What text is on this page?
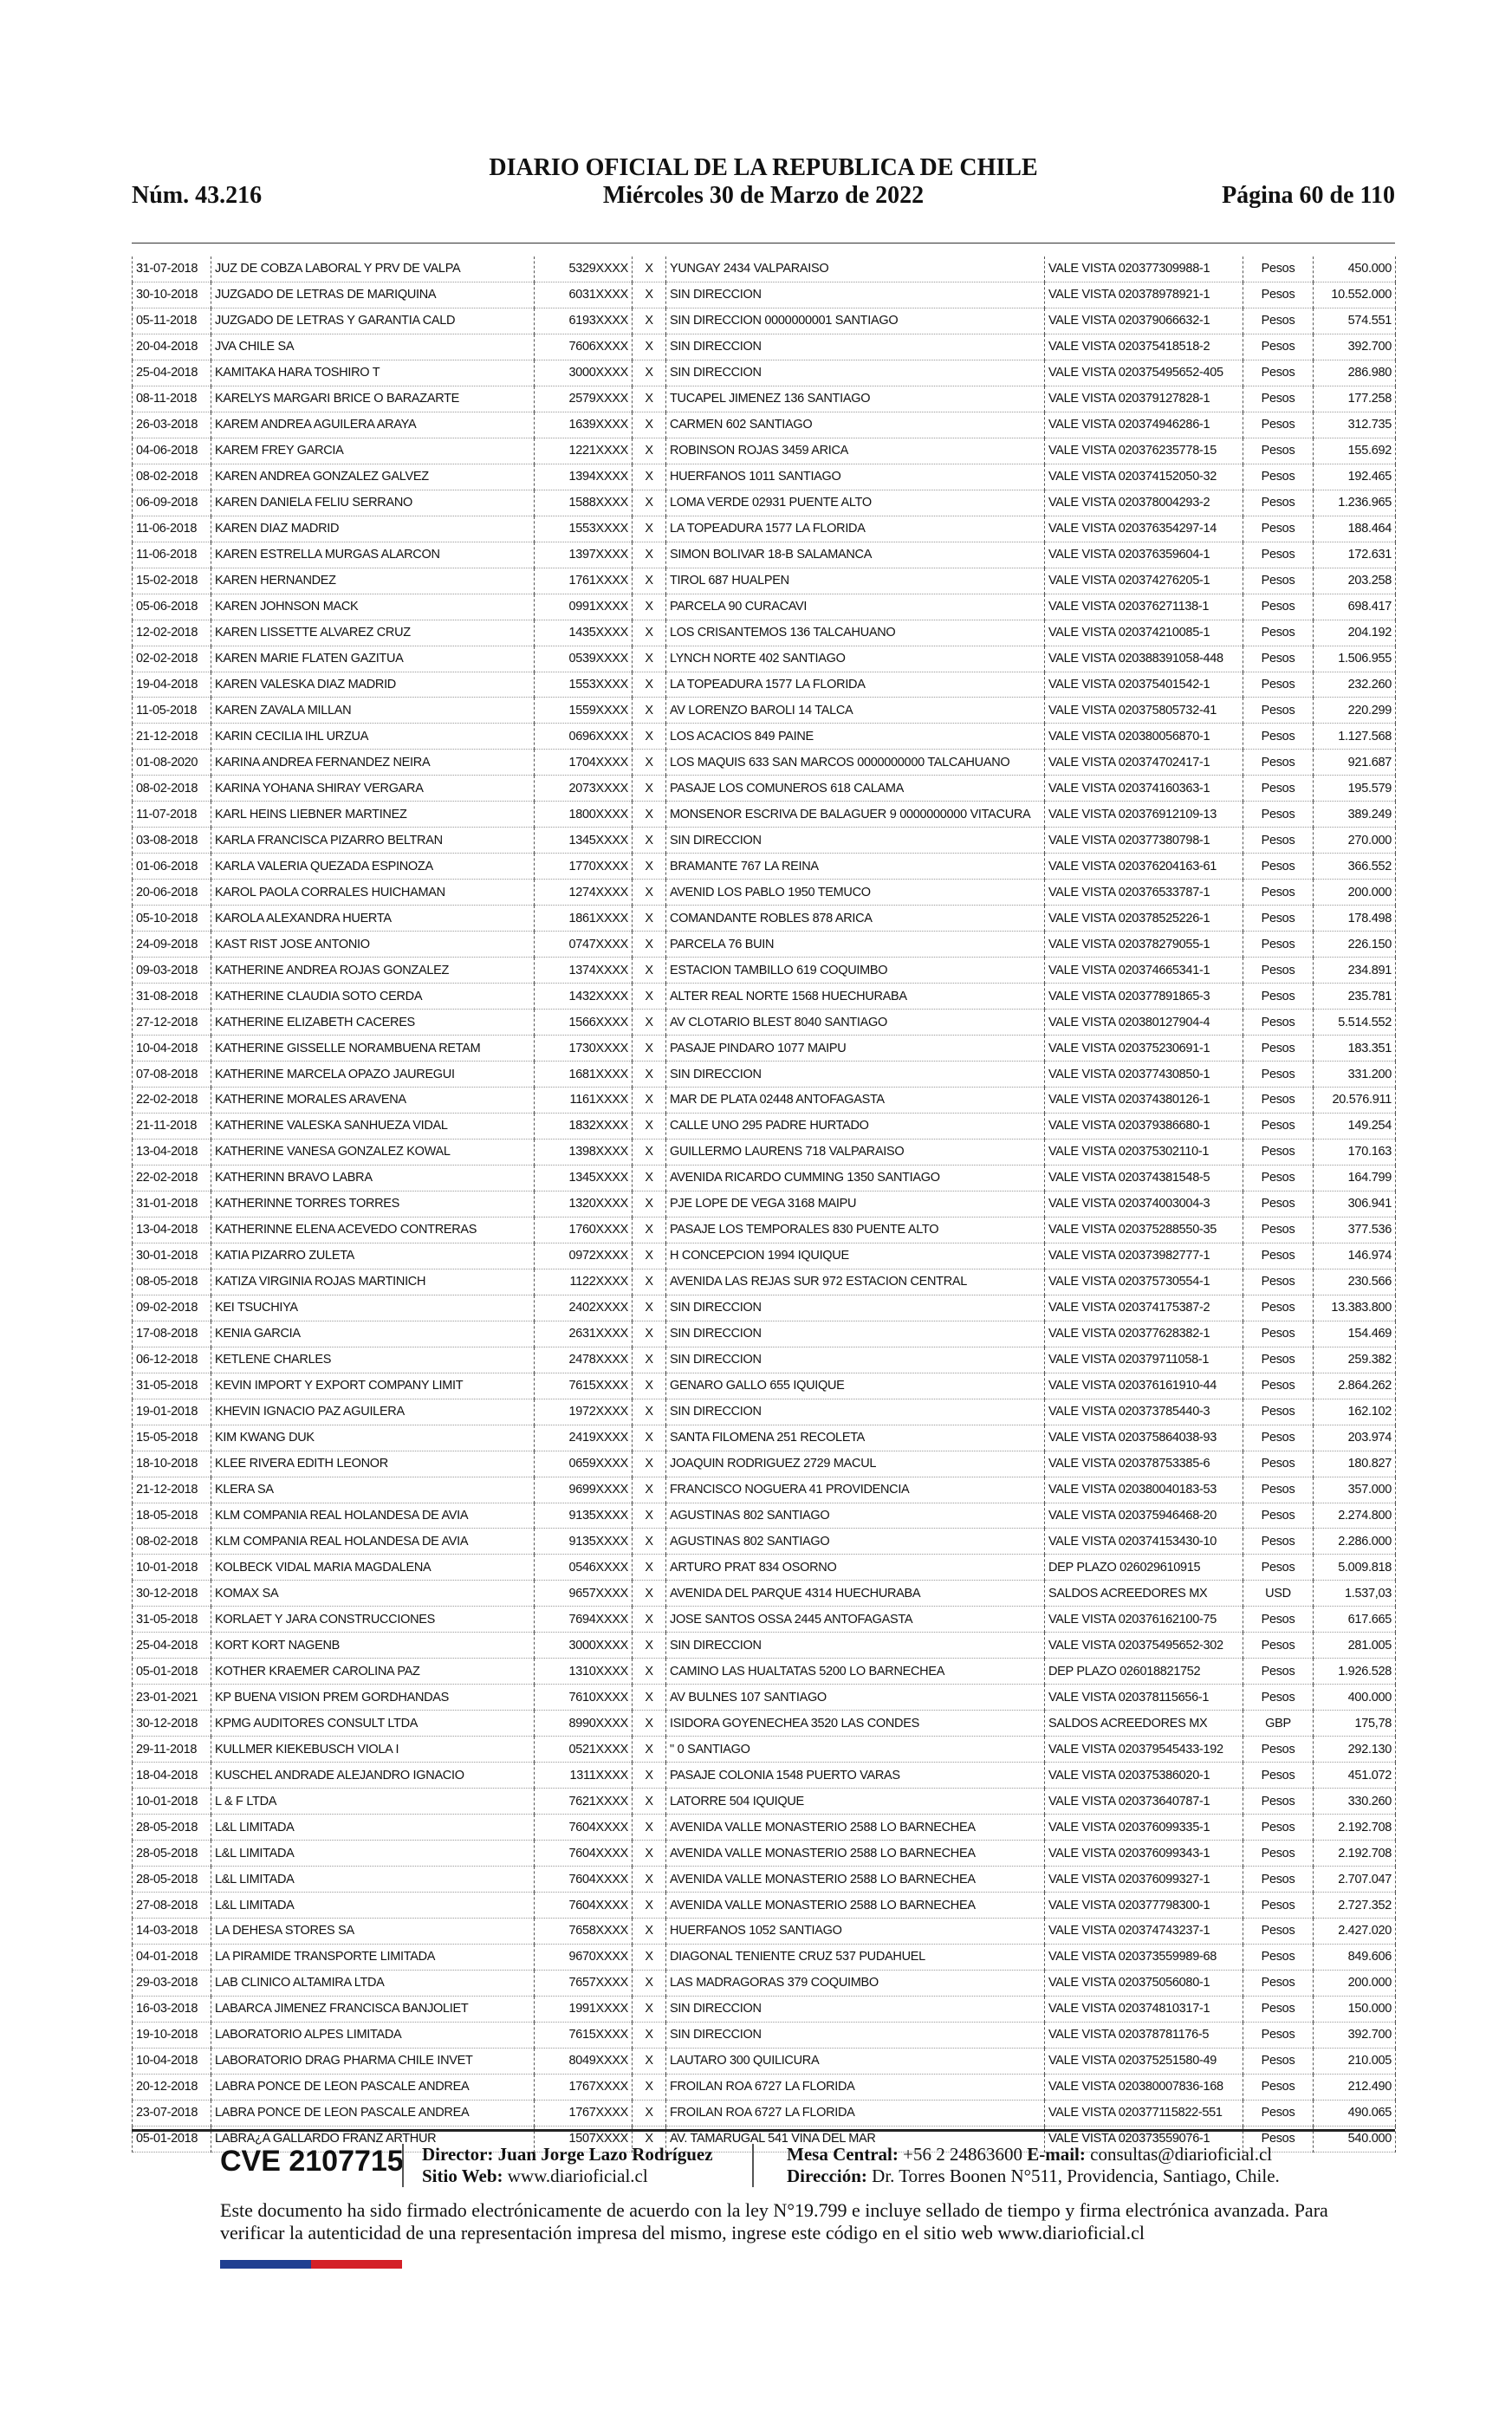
Núm. 43.216
DIARIO OFICIAL DE LA REPUBLICA DE CHILE
Miércoles 30 de Marzo de 2022	Página 60 de 110
31-07-2018	JUZ DE COBZA LABORAL Y PRV DE VALPA	5329XXXX	X	YUNGAY 2434 VALPARAISO	VALE VISTA 020377309988-1	Pesos	450.000
30-10-2018	JUZGADO DE LETRAS DE MARIQUINA	6031XXXX	X	SIN DIRECCION	VALE VISTA 020378978921-1	Pesos	10.552.000
05-11-2018	JUZGADO DE LETRAS Y GARANTIA CALD	6193XXXX	X	SIN DIRECCION 0000000001 SANTIAGO	VALE VISTA 020379066632-1	Pesos	574.551
20-04-2018	JVA CHILE SA	7606XXXX	X	SIN DIRECCION	VALE VISTA 020375418518-2	Pesos	392.700
25-04-2018	KAMITAKA HARA TOSHIRO T	3000XXXX	X	SIN DIRECCION	VALE VISTA 020375495652-405	Pesos	286.980
08-11-2018	KARELYS MARGARI BRICE O BARAZARTE	2579XXXX	X	TUCAPEL JIMENEZ 136 SANTIAGO	VALE VISTA 020379127828-1	Pesos	177.258
26-03-2018	KAREM ANDREA AGUILERA ARAYA	1639XXXX	X	CARMEN 602 SANTIAGO	VALE VISTA 020374946286-1	Pesos	312.735
04-06-2018	KAREM FREY GARCIA	1221XXXX	X	ROBINSON ROJAS 3459 ARICA	VALE VISTA 020376235778-15	Pesos	155.692
08-02-2018	KAREN ANDREA GONZALEZ GALVEZ	1394XXXX	X	HUERFANOS 1011 SANTIAGO	VALE VISTA 020374152050-32	Pesos	192.465
06-09-2018	KAREN DANIELA FELIU SERRANO	1588XXXX	X	LOMA VERDE 02931 PUENTE ALTO	VALE VISTA 020378004293-2	Pesos	1.236.965
11-06-2018	KAREN DIAZ MADRID	1553XXXX	X	LA TOPEADURA 1577 LA FLORIDA	VALE VISTA 020376354297-14	Pesos	188.464
11-06-2018	KAREN ESTRELLA MURGAS ALARCON	1397XXXX	X	SIMON BOLIVAR 18-B SALAMANCA	VALE VISTA 020376359604-1	Pesos	172.631
15-02-2018	KAREN HERNANDEZ	1761XXXX	X	TIROL 687 HUALPEN	VALE VISTA 020374276205-1	Pesos	203.258
05-06-2018	KAREN JOHNSON MACK	0991XXXX	X	PARCELA 90 CURACAVI	VALE VISTA 020376271138-1	Pesos	698.417
12-02-2018	KAREN LISSETTE ALVAREZ CRUZ	1435XXXX	X	LOS CRISANTEMOS 136 TALCAHUANO	VALE VISTA 020374210085-1	Pesos	204.192
02-02-2018	KAREN MARIE FLATEN GAZITUA	0539XXXX	X	LYNCH NORTE 402 SANTIAGO	VALE VISTA 020388391058-448	Pesos	1.506.955
19-04-2018	KAREN VALESKA DIAZ MADRID	1553XXXX	X	LA TOPEADURA 1577 LA FLORIDA	VALE VISTA 020375401542-1	Pesos	232.260
11-05-2018	KAREN ZAVALA MILLAN	1559XXXX	X	AV LORENZO BAROLI 14 TALCA	VALE VISTA 020375805732-41	Pesos	220.299
21-12-2018	KARIN CECILIA IHL URZUA	0696XXXX	X	LOS ACACIOS 849 PAINE	VALE VISTA 020380056870-1	Pesos	1.127.568
01-08-2020	KARINA ANDREA FERNANDEZ NEIRA	1704XXXX	X	LOS MAQUIS 633 SAN MARCOS 0000000000 TALCAHUANO	VALE VISTA 020374702417-1	Pesos	921.687
08-02-2018	KARINA YOHANA SHIRAY VERGARA	2073XXXX	X	PASAJE LOS COMUNEROS 618 CALAMA	VALE VISTA 020374160363-1	Pesos	195.579
11-07-2018	KARL HEINS LIEBNER MARTINEZ	1800XXXX	X	MONSENOR ESCRIVA DE BALAGUER 9 0000000000 VITACURA	VALE VISTA 020376912109-13	Pesos	389.249
03-08-2018	KARLA FRANCISCA PIZARRO BELTRAN	1345XXXX	X	SIN DIRECCION	VALE VISTA 020377380798-1	Pesos	270.000
01-06-2018	KARLA VALERIA QUEZADA ESPINOZA	1770XXXX	X	BRAMANTE 767 LA REINA	VALE VISTA 020376204163-61	Pesos	366.552
20-06-2018	KAROL PAOLA CORRALES HUICHAMAN	1274XXXX	X	AVENID LOS PABLO 1950 TEMUCO	VALE VISTA 020376533787-1	Pesos	200.000
05-10-2018	KAROLA ALEXANDRA HUERTA	1861XXXX	X	COMANDANTE ROBLES 878 ARICA	VALE VISTA 020378525226-1	Pesos	178.498
24-09-2018	KAST RIST JOSE ANTONIO	0747XXXX	X	PARCELA 76 BUIN	VALE VISTA 020378279055-1	Pesos	226.150
09-03-2018	KATHERINE ANDREA ROJAS GONZALEZ	1374XXXX	X	ESTACION TAMBILLO 619 COQUIMBO	VALE VISTA 020374665341-1	Pesos	234.891
31-08-2018	KATHERINE CLAUDIA SOTO CERDA	1432XXXX	X	ALTER REAL NORTE 1568 HUECHURABA	VALE VISTA 020377891865-3	Pesos	235.781
27-12-2018	KATHERINE ELIZABETH CACERES	1566XXXX	X	AV CLOTARIO BLEST 8040 SANTIAGO	VALE VISTA 020380127904-4	Pesos	5.514.552
10-04-2018	KATHERINE GISSELLE NORAMBUENA RETAM	1730XXXX	X	PASAJE PINDARO 1077 MAIPU	VALE VISTA 020375230691-1	Pesos	183.351
07-08-2018	KATHERINE MARCELA OPAZO JAUREGUI	1681XXXX	X	SIN DIRECCION	VALE VISTA 020377430850-1	Pesos	331.200
22-02-2018	KATHERINE MORALES ARAVENA	1161XXXX	X	MAR DE PLATA 02448 ANTOFAGASTA	VALE VISTA 020374380126-1	Pesos	20.576.911
21-11-2018	KATHERINE VALESKA SANHUEZA VIDAL	1832XXXX	X	CALLE UNO 295 PADRE HURTADO	VALE VISTA 020379386680-1	Pesos	149.254
13-04-2018	KATHERINE VANESA GONZALEZ KOWAL	1398XXXX	X	GUILLERMO LAURENS 718 VALPARAISO	VALE VISTA 020375302110-1	Pesos	170.163
22-02-2018	KATHERINN BRAVO LABRA	1345XXXX	X	AVENIDA RICARDO CUMMING 1350 SANTIAGO	VALE VISTA 020374381548-5	Pesos	164.799
31-01-2018	KATHERINNE TORRES TORRES	1320XXXX	X	PJE LOPE DE VEGA 3168 MAIPU	VALE VISTA 020374003004-3	Pesos	306.941
13-04-2018	KATHERINNE ELENA ACEVEDO CONTRERAS	1760XXXX	X	PASAJE LOS TEMPORALES 830 PUENTE ALTO	VALE VISTA 020375288550-35	Pesos	377.536
30-01-2018	KATIA PIZARRO ZULETA	0972XXXX	X	H CONCEPCION 1994 IQUIQUE	VALE VISTA 020373982777-1	Pesos	146.974
08-05-2018	KATIZA VIRGINIA ROJAS MARTINICH	1122XXXX	X	AVENIDA LAS REJAS SUR 972 ESTACION CENTRAL	VALE VISTA 020375730554-1	Pesos	230.566
09-02-2018	KEI TSUCHIYA	2402XXXX	X	SIN DIRECCION	VALE VISTA 020374175387-2	Pesos	13.383.800
17-08-2018	KENIA GARCIA	2631XXXX	X	SIN DIRECCION	VALE VISTA 020377628382-1	Pesos	154.469
06-12-2018	KETLENE CHARLES	2478XXXX	X	SIN DIRECCION	VALE VISTA 020379711058-1	Pesos	259.382
31-05-2018	KEVIN IMPORT Y EXPORT COMPANY LIMIT	7615XXXX	X	GENARO GALLO 655 IQUIQUE	VALE VISTA 020376161910-44	Pesos	2.864.262
19-01-2018	KHEVIN IGNACIO PAZ AGUILERA	1972XXXX	X	SIN DIRECCION	VALE VISTA 020373785440-3	Pesos	162.102
15-05-2018	KIM KWANG DUK	2419XXXX	X	SANTA FILOMENA 251 RECOLETA	VALE VISTA 020375864038-93	Pesos	203.974
18-10-2018	KLEE RIVERA EDITH LEONOR	0659XXXX	X	JOAQUIN RODRIGUEZ 2729 MACUL	VALE VISTA 020378753385-6	Pesos	180.827
21-12-2018	KLERA SA	9699XXXX	X	FRANCISCO NOGUERA 41 PROVIDENCIA	VALE VISTA 020380040183-53	Pesos	357.000
18-05-2018	KLM COMPANIA REAL HOLANDESA DE AVIA	9135XXXX	X	AGUSTINAS 802 SANTIAGO	VALE VISTA 020375946468-20	Pesos	2.274.800
08-02-2018	KLM COMPANIA REAL HOLANDESA DE AVIA	9135XXXX	X	AGUSTINAS 802 SANTIAGO	VALE VISTA 020374153430-10	Pesos	2.286.000
10-01-2018	KOLBECK VIDAL MARIA MAGDALENA	0546XXXX	X	ARTURO PRAT 834 OSORNO	DEP PLAZO 026029610915	Pesos	5.009.818
30-12-2018	KOMAX SA	9657XXXX	X	AVENIDA DEL PARQUE 4314 HUECHURABA	SALDOS ACREEDORES MX	USD	1.537,03
31-05-2018	KORLAET Y JARA CONSTRUCCIONES	7694XXXX	X	JOSE SANTOS OSSA 2445 ANTOFAGASTA	VALE VISTA 020376162100-75	Pesos	617.665
25-04-2018	KORT KORT NAGENB	3000XXXX	X	SIN DIRECCION	VALE VISTA 020375495652-302	Pesos	281.005
05-01-2018	KOTHER KRAEMER CAROLINA PAZ	1310XXXX	X	CAMINO LAS HUALTATAS 5200 LO BARNECHEA	DEP PLAZO 026018821752	Pesos	1.926.528
23-01-2021	KP BUENA VISION PREM GORDHANDAS	7610XXXX	X	AV BULNES 107 SANTIAGO	VALE VISTA 020378115656-1	Pesos	400.000
30-12-2018	KPMG AUDITORES CONSULT LTDA	8990XXXX	X	ISIDORA GOYENECHEA 3520 LAS CONDES	SALDOS ACREEDORES MX	GBP	175,78
29-11-2018	KULLMER KIEKEBUSCH VIOLA I	0521XXXX	X	" 0 SANTIAGO	VALE VISTA 020379545433-192	Pesos	292.130
18-04-2018	KUSCHEL ANDRADE ALEJANDRO IGNACIO	1311XXXX	X	PASAJE COLONIA 1548 PUERTO VARAS	VALE VISTA 020375386020-1	Pesos	451.072
10-01-2018	L & F LTDA	7621XXXX	X	LATORRE 504 IQUIQUE	VALE VISTA 020373640787-1	Pesos	330.260
28-05-2018	L&L LIMITADA	7604XXXX	X	AVENIDA VALLE MONASTERIO 2588 LO BARNECHEA	VALE VISTA 020376099335-1	Pesos	2.192.708
28-05-2018	L&L LIMITADA	7604XXXX	X	AVENIDA VALLE MONASTERIO 2588 LO BARNECHEA	VALE VISTA 020376099343-1	Pesos	2.192.708
28-05-2018	L&L LIMITADA	7604XXXX	X	AVENIDA VALLE MONASTERIO 2588 LO BARNECHEA	VALE VISTA 020376099327-1	Pesos	2.707.047
27-08-2018	L&L LIMITADA	7604XXXX	X	AVENIDA VALLE MONASTERIO 2588 LO BARNECHEA	VALE VISTA 020377798300-1	Pesos	2.727.352
14-03-2018	LA DEHESA STORES SA	7658XXXX	X	HUERFANOS 1052 SANTIAGO	VALE VISTA 020374743237-1	Pesos	2.427.020
04-01-2018	LA PIRAMIDE TRANSPORTE LIMITADA	9670XXXX	X	DIAGONAL TENIENTE CRUZ 537 PUDAHUEL	VALE VISTA 020373559989-68	Pesos	849.606
29-03-2018	LAB CLINICO ALTAMIRA LTDA	7657XXXX	X	LAS MADRAGORAS 379 COQUIMBO	VALE VISTA 020375056080-1	Pesos	200.000
16-03-2018	LABARCA JIMENEZ FRANCISCA BANJOLIET	1991XXXX	X	SIN DIRECCION	VALE VISTA 020374810317-1	Pesos	150.000
19-10-2018	LABORATORIO ALPES LIMITADA	7615XXXX	X	SIN DIRECCION	VALE VISTA 020378781176-5	Pesos	392.700
10-04-2018	LABORATORIO DRAG PHARMA CHILE INVET	8049XXXX	X	LAUTARO 300 QUILICURA	VALE VISTA 020375251580-49	Pesos	210.005
20-12-2018	LABRA PONCE DE LEON PASCALE ANDREA	1767XXXX	X	FROILAN ROA 6727 LA FLORIDA	VALE VISTA 020380007836-168	Pesos	212.490
23-07-2018	LABRA PONCE DE LEON PASCALE ANDREA	1767XXXX	X	FROILAN ROA 6727 LA FLORIDA	VALE VISTA 020377115822-551	Pesos	490.065
05-01-2018	LABRA¿A GALLARDO FRANZ ARTHUR	1507XXXX	X	AV. TAMARUGAL 541 VINA DEL MAR	VALE VISTA 020373559076-1	Pesos	540.000
CVE 2107715 Director: Juan Jorge Lazo Rodríguez
Sitio Web: www.diarioficial.cl
Mesa Central: +56 2 24863600 E-mail: consultas@diarioficial.cl
Dirección: Dr. Torres Boonen N°511, Providencia, Santiago, Chile.
Este documento ha sido firmado electrónicamente de acuerdo con la ley N°19.799 e incluye sellado de tiempo y firma electrónica avanzada. Para verificar la autenticidad de una representación impresa del mismo, ingrese este código en el sitio web www.diarioficial.cl
